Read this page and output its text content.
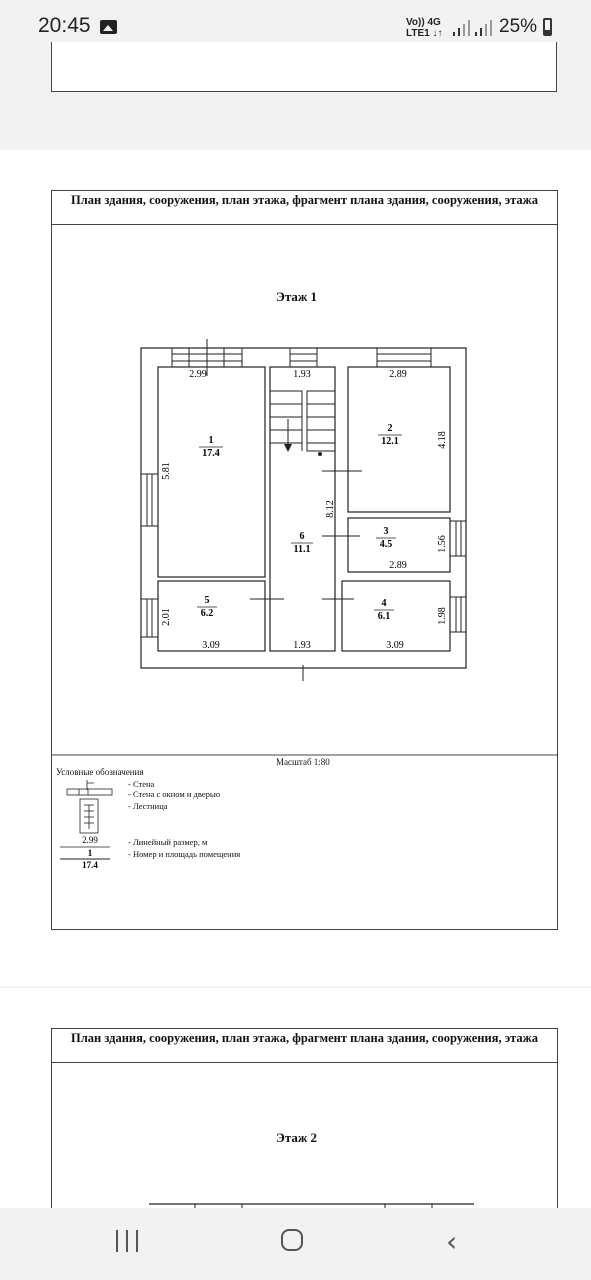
20:45	Vo)) 4G
LTE1 ↓↑	25%
План здания, сооружения, план этажа, фрагмент плана здания, сооружения, этажа
Этаж 1
2.99	1.93	2.89
2.89
3.09	1.93	3.09
4.18
5.81
8.12
1.56
2.01	1.98
1
17.4
2
12.1
3
4.5
4
6.1
5
6.2
6
11.1
2.99
1
17.4
Масштаб 1:80
Условные обозначения
- Стена
- Стена с окном и дверью
- Лестница
- Линейный размер, м
- Номер и площадь помещения
План здания, сооружения, план этажа, фрагмент плана здания, сооружения, этажа
Этаж 2
‹
